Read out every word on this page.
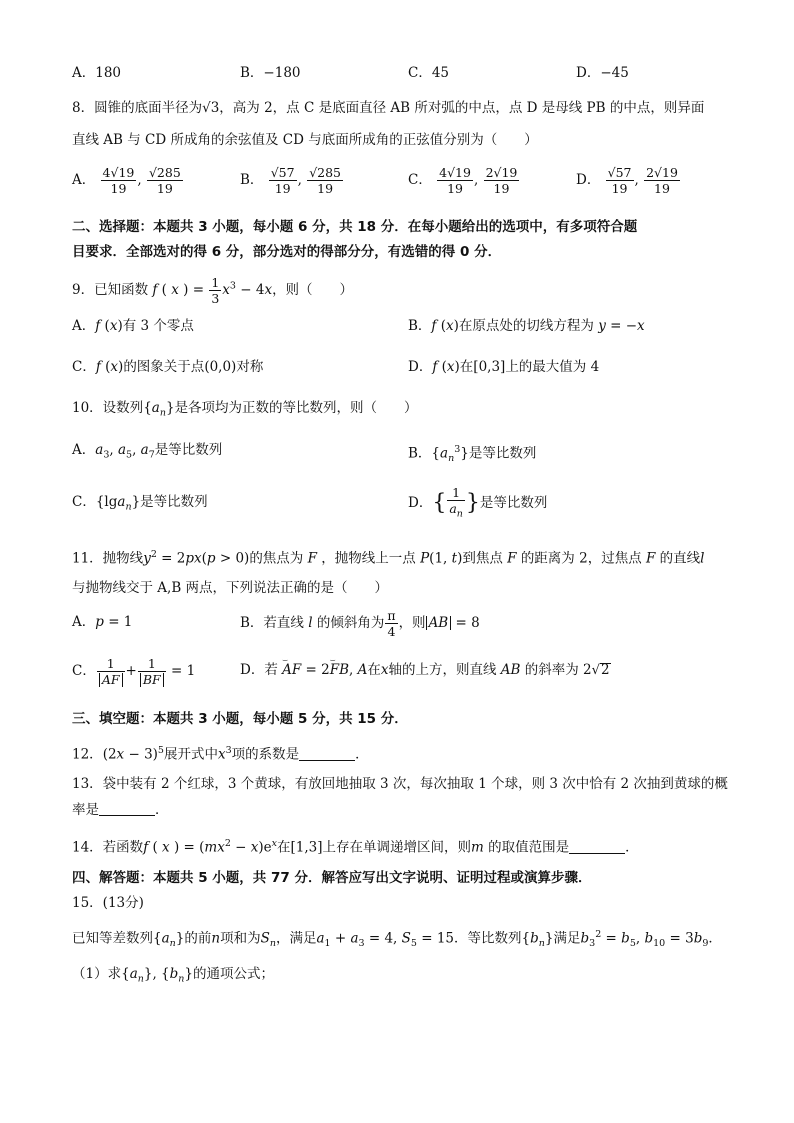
A．180	B．−180	C．45	D．−45
8．圆锥的底面半径为√3，高为 2，点 C 是底面直径 AB 所对弧的中点，点 D 是母线 PB 的中点，则异面
直线 AB 与 CD 所成角的余弦值及 CD 与底面所成角的正弦值分别为（　　）
A． $\frac{4√19}{19}$ , $\frac{√285}{19}$	B． $\frac{√57}{19}$ , $\frac{√285}{19}$	C． $\frac{4√19}{19}$ , $\frac{2√19}{19}$	D． $\frac{√57}{19}$ , $\frac{2√19}{19}$
二、选择题：本题共 3 小题，每小题 6 分，共 18 分．在每小题给出的选项中，有多项符合题
目要求．全部选对的得 6 分，部分选对的得部分分，有选错的得 0 分．
9．已知函数 f ( x ) = $\frac{1}{3} x^3 - 4x$，则（　　）
A．f (x)有 3 个零点	B．f (x)在原点处的切线方程为 y = −x
C．f (x)的图象关于点(0,0)对称	D．f (x)在[0,3]上的最大值为 4
10．设数列$\{a_n\}$是各项均为正数的等比数列，则（　　）
A．$a_3$, $a_5$, $a_7$是等比数列	B．$\{a_n^3\}$是等比数列
C．{lga$_n$}是等比数列	D．{ $\frac{1}{a_n}$ }是等比数列
11．抛物线$y^2 = 2px(p > 0)$的焦点为 F ，抛物线上一点 P(1, t)到焦点 F 的距离为 2，过焦点 F 的直线l
与抛物线交于 A,B 两点，下列说法正确的是（　　）
A．p = 1	B．若直线 l 的倾斜角为 $\frac{\pi}{4}$ ，则 AB = 8
C． $\frac{1}{AF} + \frac{1}{BF} = 1$	D．若 ⌣ AF = 2⌣ FB, A在x轴的上方，则直线 AB 的斜率为 2√2
三、填空题：本题共 3 小题，每小题 5 分，共 15 分．
12．$(2x - 3)^5$展开式中$x^3$项的系数是	．
13．袋中装有 2 个红球，3 个黄球，有放回地抽取 3 次，每次抽取 1 个球，则 3 次中恰有 2 次抽到黄球的概
率是	．
14．若函数f ( x ) = $(mx^2 - x)e^x$在[1,3]上存在单调递增区间，则m 的取值范围是	．
四、解答题：本题共 5 小题，共 77 分．解答应写出文字说明、证明过程或演算步骤．
15．(13分)
已知等差数列$\{a_n\}$的前n项和为$S_n$，满足$a_1 + a_3 = 4$, $S_5 = 15$．等比数列$\{b_n\}$满足$b_3^2 = b_5$, $b_{10} = 3b_9$．
（1）求$\{a_n\}$, $\{b_n\}$的通项公式；
